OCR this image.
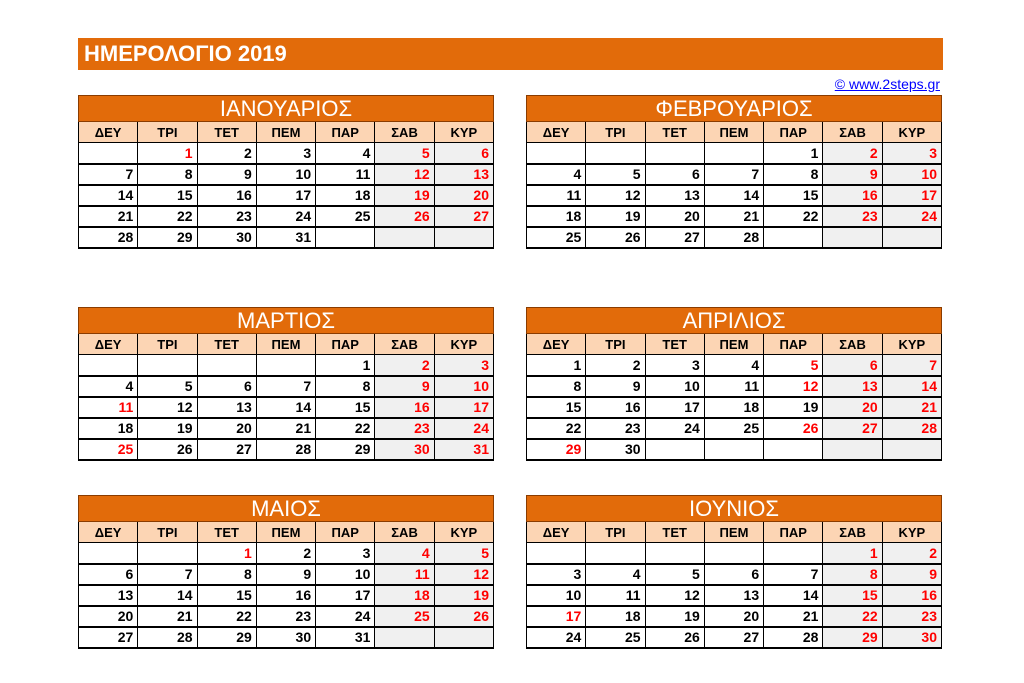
ΗΜΕΡΟΛΟΓΙΟ 2019
© www.2steps.gr
ΙΑΝΟΥΑΡΙΟΣ						
ΔΕΥ	ΤΡΙ	ΤΕΤ	ΠΕΜ	ΠΑΡ	ΣΑΒ	ΚΥΡ
	1	2	3	4	5	6
7	8	9	10	11	12	13
14	15	16	17	18	19	20
21	22	23	24	25	26	27
28	29	30	31			
ΦΕΒΡΟΥΑΡΙΟΣ						
ΔΕΥ	ΤΡΙ	ΤΕΤ	ΠΕΜ	ΠΑΡ	ΣΑΒ	ΚΥΡ
				1	2	3
4	5	6	7	8	9	10
11	12	13	14	15	16	17
18	19	20	21	22	23	24
25	26	27	28			
ΜΑΡΤΙΟΣ						
ΔΕΥ	ΤΡΙ	ΤΕΤ	ΠΕΜ	ΠΑΡ	ΣΑΒ	ΚΥΡ
				1	2	3
4	5	6	7	8	9	10
11	12	13	14	15	16	17
18	19	20	21	22	23	24
25	26	27	28	29	30	31
ΑΠΡΙΛΙΟΣ						
ΔΕΥ	ΤΡΙ	ΤΕΤ	ΠΕΜ	ΠΑΡ	ΣΑΒ	ΚΥΡ
1	2	3	4	5	6	7
8	9	10	11	12	13	14
15	16	17	18	19	20	21
22	23	24	25	26	27	28
29	30					
ΜΑΙΟΣ						
ΔΕΥ	ΤΡΙ	ΤΕΤ	ΠΕΜ	ΠΑΡ	ΣΑΒ	ΚΥΡ
		1	2	3	4	5
6	7	8	9	10	11	12
13	14	15	16	17	18	19
20	21	22	23	24	25	26
27	28	29	30	31		
ΙΟΥΝΙΟΣ						
ΔΕΥ	ΤΡΙ	ΤΕΤ	ΠΕΜ	ΠΑΡ	ΣΑΒ	ΚΥΡ
					1	2
3	4	5	6	7	8	9
10	11	12	13	14	15	16
17	18	19	20	21	22	23
24	25	26	27	28	29	30
